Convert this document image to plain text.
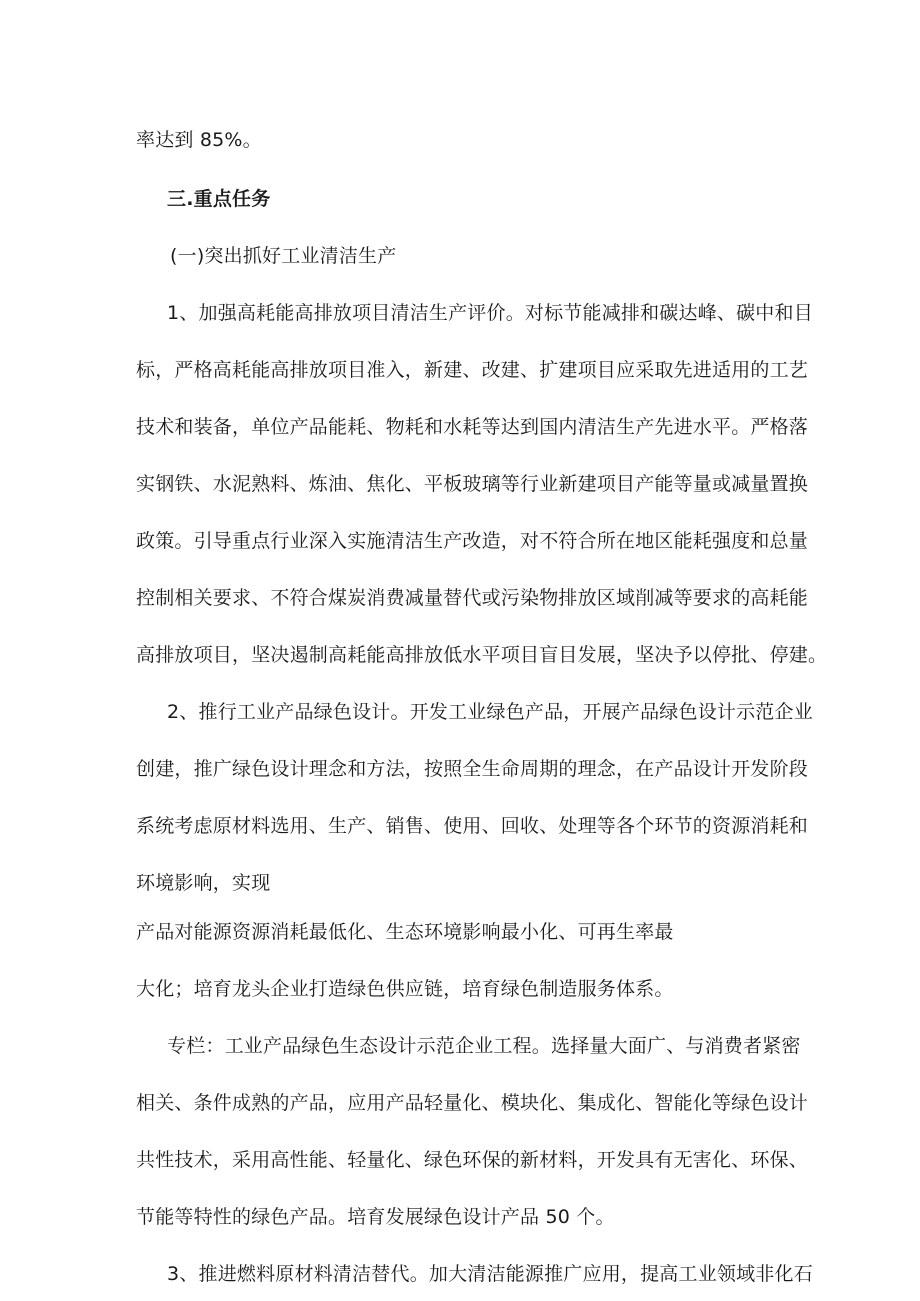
率达到 85%。
三.重点任务
(一)突出抓好工业清洁生产
1、加强高耗能高排放项目清洁生产评价。对标节能减排和碳达峰、碳中和目
标，严格高耗能高排放项目准入，新建、改建、扩建项目应采取先进适用的工艺
技术和装备，单位产品能耗、物耗和水耗等达到国内清洁生产先进水平。严格落
实钢铁、水泥熟料、炼油、焦化、平板玻璃等行业新建项目产能等量或减量置换
政策。引导重点行业深入实施清洁生产改造，对不符合所在地区能耗强度和总量
控制相关要求、不符合煤炭消费减量替代或污染物排放区域削减等要求的高耗能
高排放项目，坚决遏制高耗能高排放低水平项目盲目发展，坚决予以停批、停建。
2、推行工业产品绿色设计。开发工业绿色产品，开展产品绿色设计示范企业
创建，推广绿色设计理念和方法，按照全生命周期的理念，在产品设计开发阶段
系统考虑原材料选用、生产、销售、使用、回收、处理等各个环节的资源消耗和
环境影响，实现
产品对能源资源消耗最低化、生态环境影响最小化、可再生率最
大化；培育龙头企业打造绿色供应链，培育绿色制造服务体系。
专栏：工业产品绿色生态设计示范企业工程。选择量大面广、与消费者紧密
相关、条件成熟的产品，应用产品轻量化、模块化、集成化、智能化等绿色设计
共性技术，采用高性能、轻量化、绿色环保的新材料，开发具有无害化、环保、
节能等特性的绿色产品。培育发展绿色设计产品 50 个。
3、推进燃料原材料清洁替代。加大清洁能源推广应用，提高工业领域非化石
